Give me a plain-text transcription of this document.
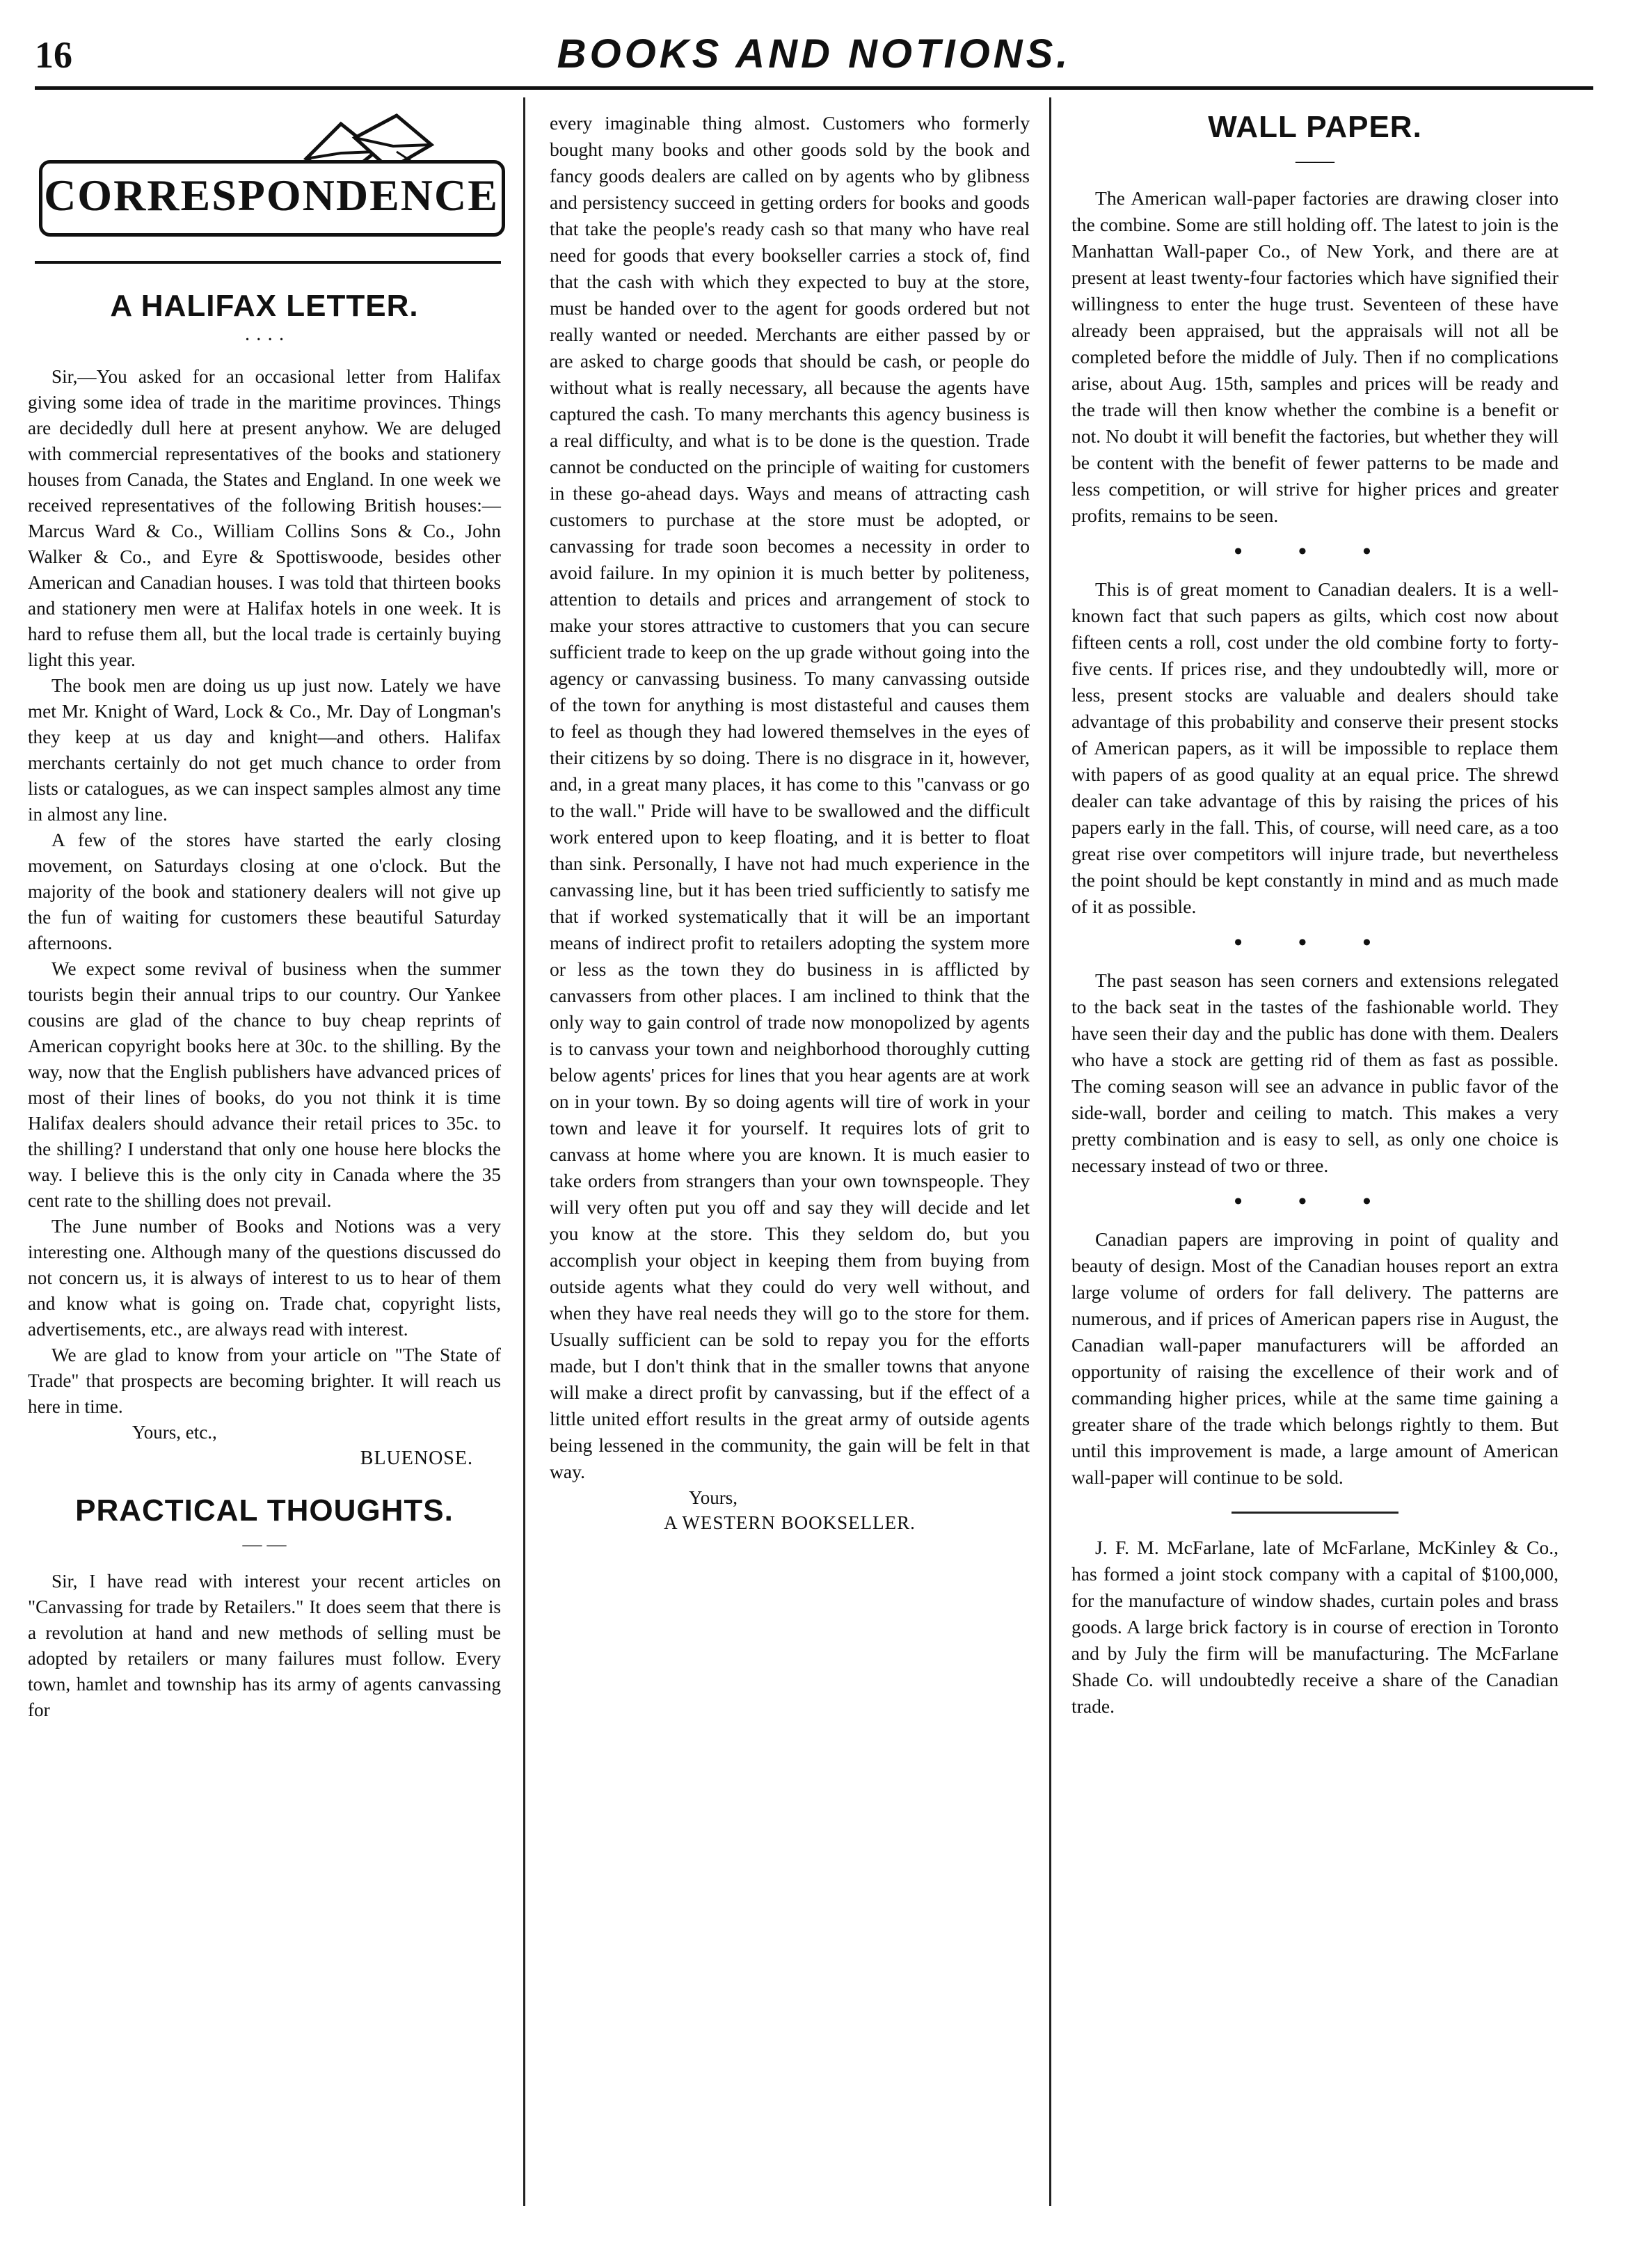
16	BOOKS AND NOTIONS.
CORRESPONDENCE
A HALIFAX LETTER.
· · · ·

Sir,—You asked for an occasional letter from Halifax giving some idea of trade in the maritime provinces. Things are decidedly dull here at present anyhow. We are deluged with commercial representatives of the books and stationery houses from Canada, the States and England. In one week we received representatives of the following British houses:—Marcus Ward & Co., William Collins Sons & Co., John Walker & Co., and Eyre & Spottiswoode, besides other American and Canadian houses. I was told that thirteen books and stationery men were at Halifax hotels in one week. It is hard to refuse them all, but the local trade is certainly buying light this year.

The book men are doing us up just now. Lately we have met Mr. Knight of Ward, Lock & Co., Mr. Day of Longman's they keep at us day and knight—and others. Halifax merchants certainly do not get much chance to order from lists or catalogues, as we can inspect samples almost any time in almost any line.

A few of the stores have started the early closing movement, on Saturdays closing at one o'clock. But the majority of the book and stationery dealers will not give up the fun of waiting for customers these beautiful Saturday afternoons.

We expect some revival of business when the summer tourists begin their annual trips to our country. Our Yankee cousins are glad of the chance to buy cheap reprints of American copyright books here at 30c. to the shilling. By the way, now that the English publishers have advanced prices of most of their lines of books, do you not think it is time Halifax dealers should advance their retail prices to 35c. to the shilling? I understand that only one house here blocks the way. I believe this is the only city in Canada where the 35 cent rate to the shilling does not prevail.

The June number of Books and Notions was a very interesting one. Although many of the questions discussed do not concern us, it is always of interest to us to hear of them and know what is going on. Trade chat, copyright lists, advertisements, etc., are always read with interest.

We are glad to know from your article on "The State of Trade" that prospects are becoming brighter. It will reach us here in time.

Yours, etc.,

BLUENOSE.

PRACTICAL THOUGHTS.
— —

Sir, I have read with interest your recent articles on "Canvassing for trade by Retailers." It does seem that there is a revolution at hand and new methods of selling must be adopted by retailers or many failures must follow. Every town, hamlet and township has its army of agents canvassing for

every imaginable thing almost. Customers who formerly bought many books and other goods sold by the book and fancy goods dealers are called on by agents who by glibness and persistency succeed in getting orders for books and goods that take the people's ready cash so that many who have real need for goods that every bookseller carries a stock of, find that the cash with which they expected to buy at the store, must be handed over to the agent for goods ordered but not really wanted or needed. Merchants are either passed by or are asked to charge goods that should be cash, or people do without what is really necessary, all because the agents have captured the cash. To many merchants this agency business is a real difficulty, and what is to be done is the question. Trade cannot be conducted on the principle of waiting for customers in these go-ahead days. Ways and means of attracting cash customers to purchase at the store must be adopted, or canvassing for trade soon becomes a necessity in order to avoid failure. In my opinion it is much better by politeness, attention to details and prices and arrangement of stock to make your stores attractive to customers that you can secure sufficient trade to keep on the up grade without going into the agency or canvassing business. To many canvassing outside of the town for anything is most distasteful and causes them to feel as though they had lowered themselves in the eyes of their citizens by so doing. There is no disgrace in it, however, and, in a great many places, it has come to this "canvass or go to the wall." Pride will have to be swallowed and the difficult work entered upon to keep floating, and it is better to float than sink. Personally, I have not had much experience in the canvassing line, but it has been tried sufficiently to satisfy me that if worked systematically that it will be an important means of indirect profit to retailers adopting the system more or less as the town they do business in is afflicted by canvassers from other places. I am inclined to think that the only way to gain control of trade now monopolized by agents is to canvass your town and neighborhood thoroughly cutting below agents' prices for lines that you hear agents are at work on in your town. By so doing agents will tire of work in your town and leave it for yourself. It requires lots of grit to canvass at home where you are known. It is much easier to take orders from strangers than your own townspeople. They will very often put you off and say they will decide and let you know at the store. This they seldom do, but you accomplish your object in keeping them from buying from outside agents what they could do very well without, and when they have real needs they will go to the store for them. Usually sufficient can be sold to repay you for the efforts made, but I don't think that in the smaller towns that anyone will make a direct profit by canvassing, but if the effect of a little united effort results in the great army of outside agents being lessened in the community, the gain will be felt in that way.

Yours,

A WESTERN BOOKSELLER.

WALL PAPER.
——

The American wall-paper factories are drawing closer into the combine. Some are still holding off. The latest to join is the Manhattan Wall-paper Co., of New York, and there are at present at least twenty-four factories which have signified their willingness to enter the huge trust. Seventeen of these have already been appraised, but the appraisals will not all be completed before the middle of July. Then if no complications arise, about Aug. 15th, samples and prices will be ready and the trade will then know whether the combine is a benefit or not. No doubt it will benefit the factories, but whether they will be content with the benefit of fewer patterns to be made and less competition, or will strive for higher prices and greater profits, remains to be seen.

• • •

This is of great moment to Canadian dealers. It is a well-known fact that such papers as gilts, which cost now about fifteen cents a roll, cost under the old combine forty to forty-five cents. If prices rise, and they undoubtedly will, more or less, present stocks are valuable and dealers should take advantage of this probability and conserve their present stocks of American papers, as it will be impossible to replace them with papers of as good quality at an equal price. The shrewd dealer can take advantage of this by raising the prices of his papers early in the fall. This, of course, will need care, as a too great rise over competitors will injure trade, but nevertheless the point should be kept constantly in mind and as much made of it as possible.

• • •

The past season has seen corners and extensions relegated to the back seat in the tastes of the fashionable world. They have seen their day and the public has done with them. Dealers who have a stock are getting rid of them as fast as possible. The coming season will see an advance in public favor of the side-wall, border and ceiling to match. This makes a very pretty combination and is easy to sell, as only one choice is necessary instead of two or three.

• • •

Canadian papers are improving in point of quality and beauty of design. Most of the Canadian houses report an extra large volume of orders for fall delivery. The patterns are numerous, and if prices of American papers rise in August, the Canadian wall-paper manufacturers will be afforded an opportunity of raising the excellence of their work and of commanding higher prices, while at the same time gaining a greater share of the trade which belongs rightly to them. But until this improvement is made, a large amount of American wall-paper will continue to be sold.

J. F. M. McFarlane, late of McFarlane, McKinley & Co., has formed a joint stock company with a capital of $100,000, for the manufacture of window shades, curtain poles and brass goods. A large brick factory is in course of erection in Toronto and by July the firm will be manufacturing. The McFarlane Shade Co. will undoubtedly receive a share of the Canadian trade.
